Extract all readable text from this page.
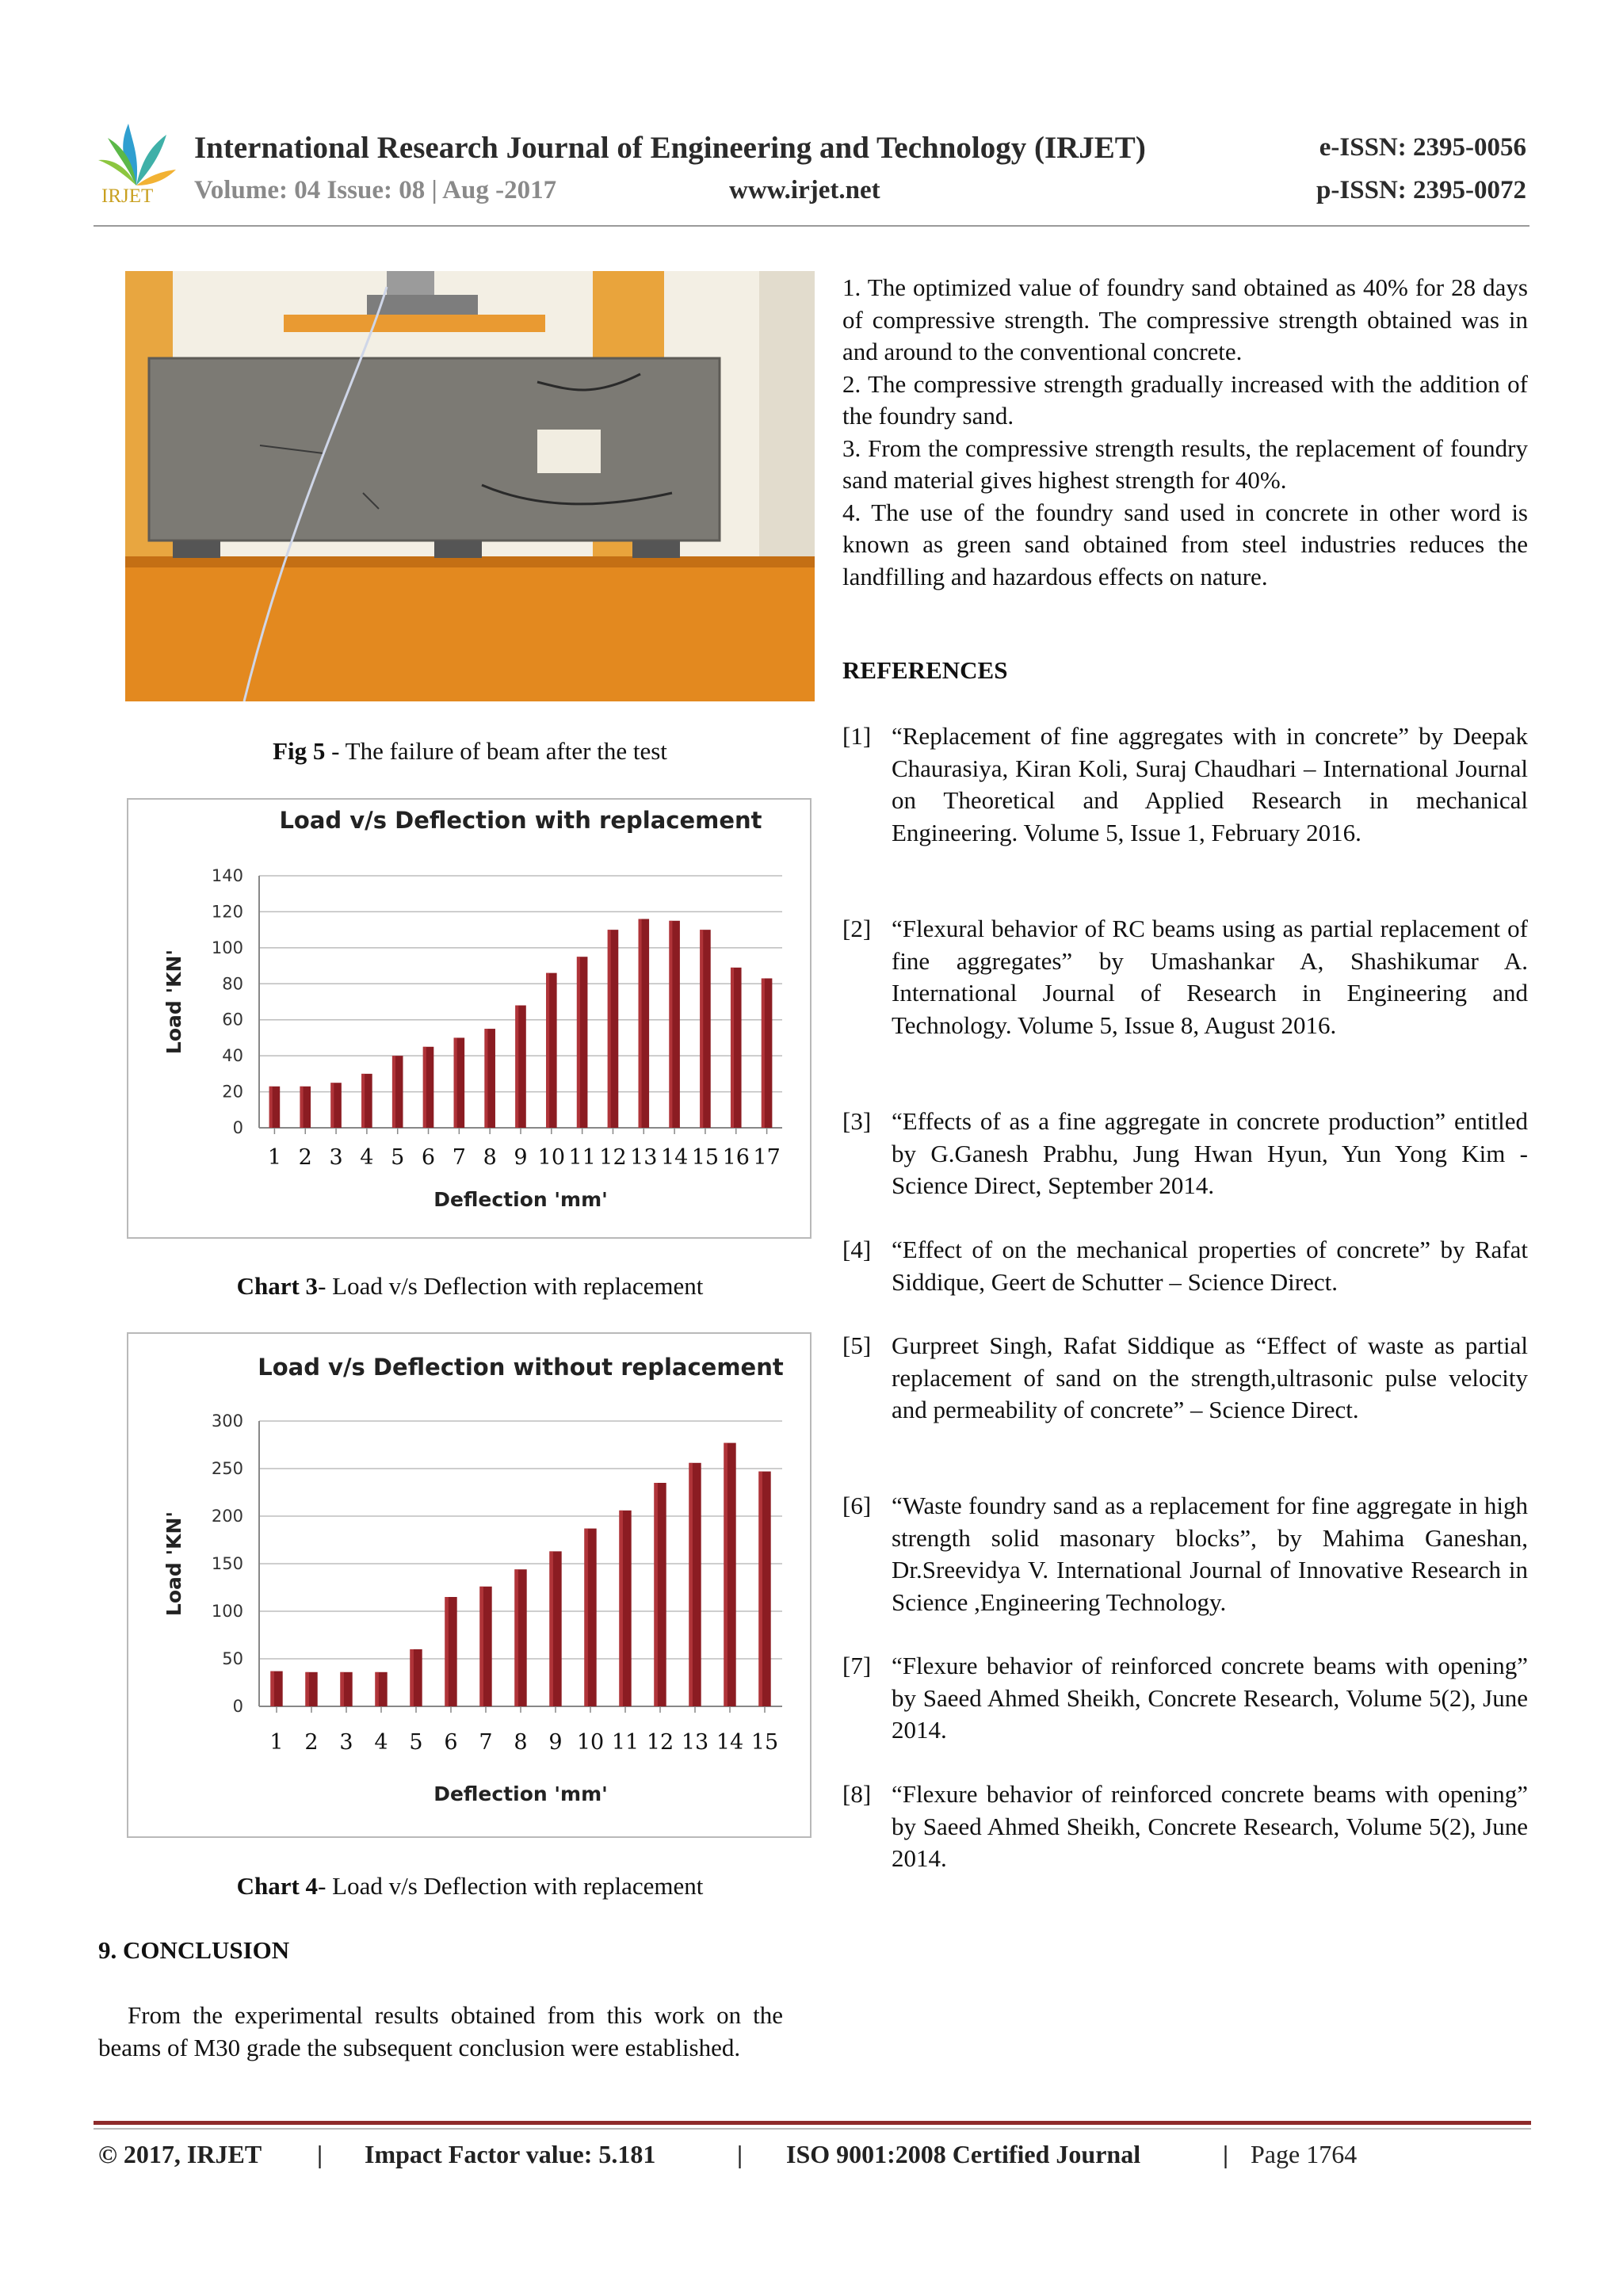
IRJET
International Research Journal of Engineering and Technology (IRJET)	e-ISSN: 2395-0056
Volume: 04 Issue: 08 | Aug -2017	www.irjet.net	p-ISSN: 2395-0072
Fig 5 - The failure of beam after the test
Load v/s Deflection with replacement
0
20
40
60
80
100
120
140
1 2 3 4 5 6 7 8 9 10 11 12 13 14 15 16 17
Deflection 'mm'
Load 'KN'
Chart 3- Load v/s Deflection with replacement
Load v/s Deflection without replacement
0
50
100
150
200
250
300
1 2 3 4 5 6 7 8 9 10 11 12 13 14 15
Deflection 'mm'
Load 'KN'
Chart 4- Load v/s Deflection with replacement
9. CONCLUSION
From the experimental results obtained from this work on the beams of M30 grade the subsequent conclusion were established.
1. The optimized value of foundry sand obtained as 40% for 28 days of compressive strength. The compressive strength obtained was in and around to the conventional concrete.
2. The compressive strength gradually increased with the addition of the foundry sand.
3. From the compressive strength results, the replacement of foundry sand material gives highest strength for 40%.
4. The use of the foundry sand used in concrete in other word is known as green sand obtained from steel industries reduces the landfilling and hazardous effects on nature.
REFERENCES
[1] “Replacement of fine aggregates with in concrete” by Deepak Chaurasiya, Kiran Koli, Suraj Chaudhari – International Journal on Theoretical and Applied Research in mechanical Engineering. Volume 5, Issue 1, February 2016.
[2] “Flexural behavior of RC beams using as partial replacement of fine aggregates” by Umashankar A, Shashikumar A. International Journal of Research in Engineering and Technology. Volume 5, Issue 8, August 2016.
[3] “Effects of as a fine aggregate in concrete production” entitled by G.Ganesh Prabhu, Jung Hwan Hyun, Yun Yong Kim - Science Direct, September 2014.
[4] “Effect of on the mechanical properties of concrete” by Rafat Siddique, Geert de Schutter – Science Direct.
[5] Gurpreet Singh, Rafat Siddique as “Effect of waste as partial replacement of sand on the strength,ultrasonic pulse velocity and permeability of concrete” – Science Direct.
[6] “Waste foundry sand as a replacement for fine aggregate in high strength solid masonary blocks”, by Mahima Ganeshan, Dr.Sreevidya V. International Journal of Innovative Research in Science ,Engineering Technology.
[7] “Flexure behavior of reinforced concrete beams with opening” by Saeed Ahmed Sheikh, Concrete Research, Volume 5(2), June 2014.
[8] “Flexure behavior of reinforced concrete beams with opening” by Saeed Ahmed Sheikh, Concrete Research, Volume 5(2), June 2014.
© 2017, IRJET | Impact Factor value: 5.181	| ISO 9001:2008 Certified Journal	| Page 1764
